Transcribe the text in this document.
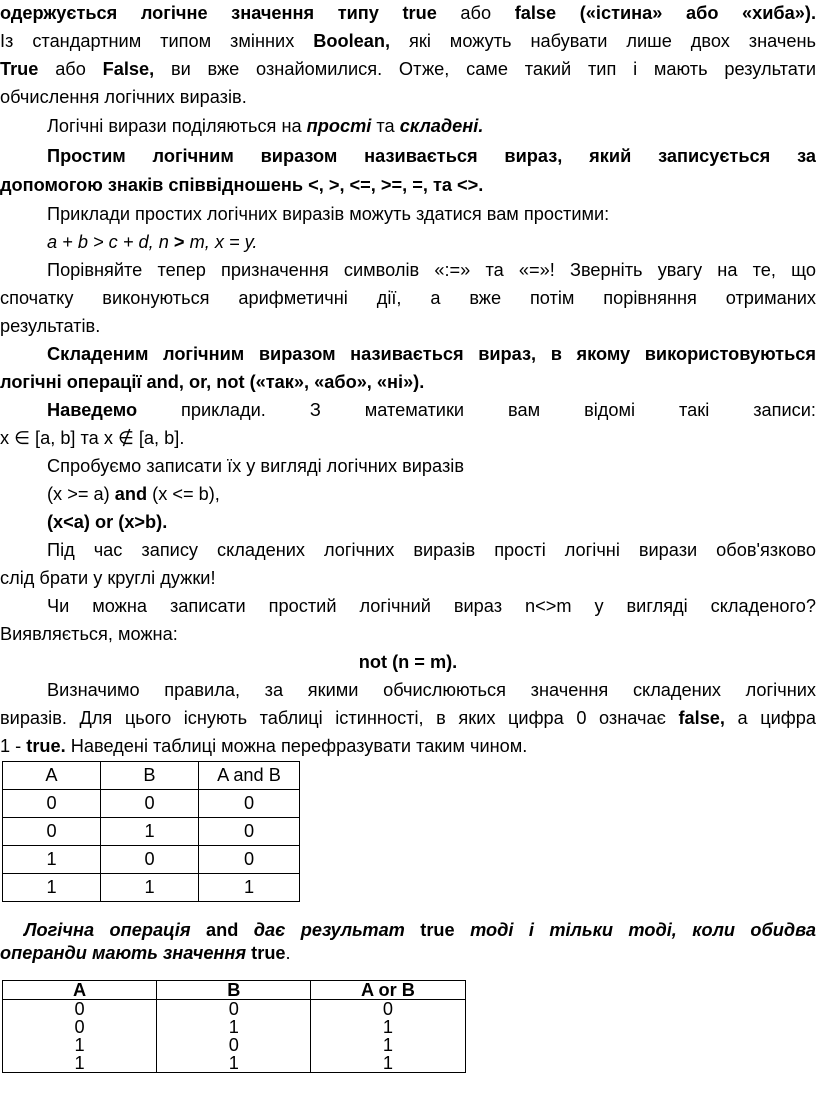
одержується логічне значення типу true або false («істина» або «хиба»).
Із стандартним типом змінних Boolean, які можуть набувати лише двох значень
True або False, ви вже ознайомилися. Отже, саме такий тип і мають результати
обчислення логічних виразів.
Логічні вирази поділяються на прості та складені.
Простим логічним виразом називається вираз, який записується за
допомогою знаків співвідношень <, >, <=, >=, =, та <>.
Приклади простих логічних виразів можуть здатися вам простими:
a + b > c + d, n > m, x = y.
Порівняйте тепер призначення символів «:=» та «=»! Зверніть увагу на те, що
спочатку виконуються арифметичні дії, а вже потім порівняння отриманих
результатів.
Складеним логічним виразом називається вираз, в якому використовуються
логічні операції and, or, not («так», «або», «ні»).
Наведемо приклади. З математики вам відомі такі записи:
x ∈ [a, b] та x ∉ [a, b].
Спробуємо записати їх у вигляді логічних виразів
(x >= a) and (x <= b),
(x<a) or (x>b).
Під час запису складених логічних виразів прості логічні вирази обов'язково
слід брати у круглі дужки!
Чи можна записати простий логічний вираз n<>m у вигляді складеного?
Виявляється, можна:
not (n = m).
Визначимо правила, за якими обчислюються значення складених логічних
виразів. Для цього існують таблиці істинності, в яких цифра 0 означає false, а цифра
1 - true. Наведені таблиці можна перефразувати таким чином.
A	B	A and B
0	0	0
0	1	0
1	0	0
1	1	1
Логічна операція and дає результат true тоді і тільки тоді, коли обидва
операнди мають значення true.
A	B	A or B	
0	0	0	
0	1	1	
1	0	1	
1	1	1	
